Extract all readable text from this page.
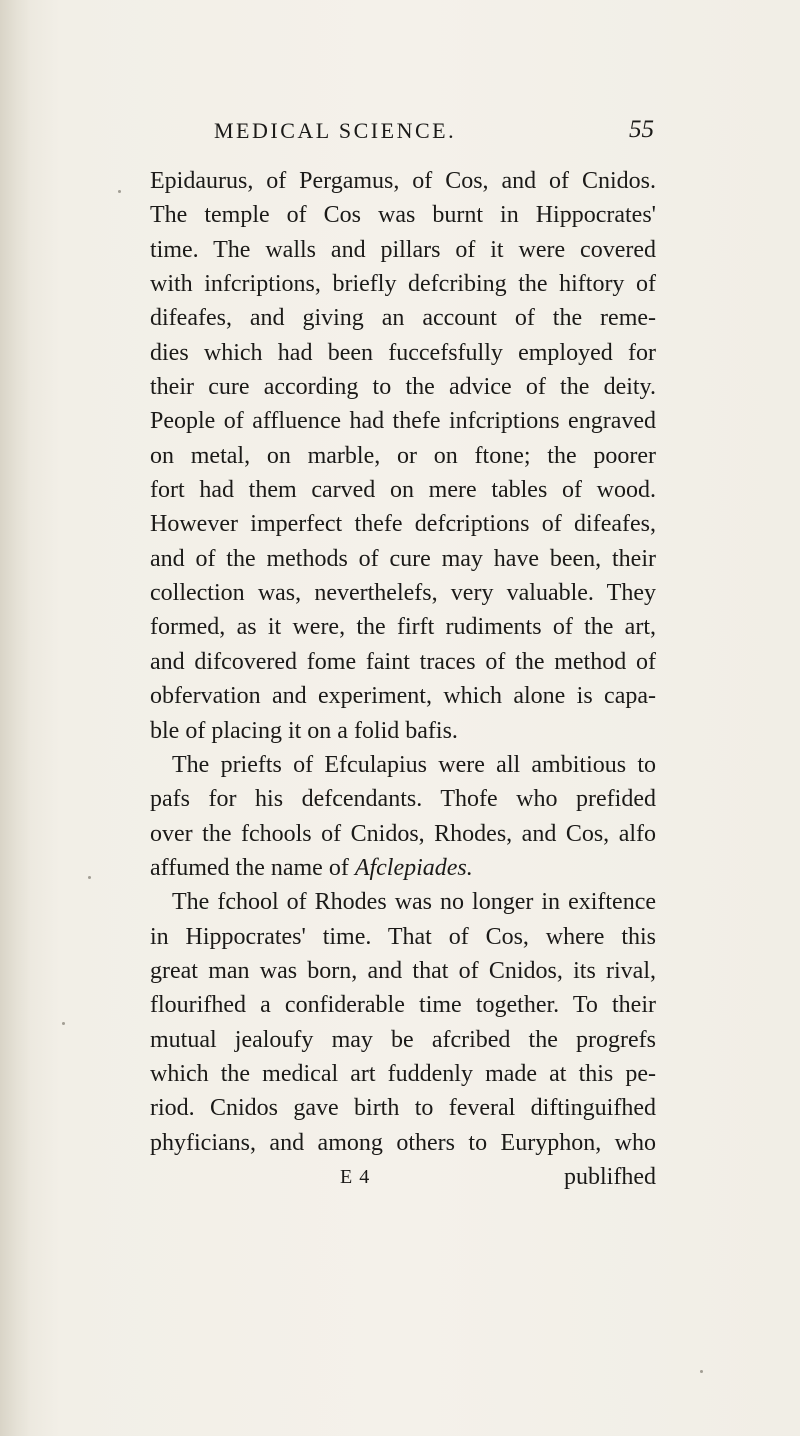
MEDICAL SCIENCE.	55
Epidaurus, of Pergamus, of Cos, and of Cnidos.
The temple of Cos was burnt in Hippocrates'
time. The walls and pillars of it were covered
with infcriptions, briefly defcribing the hiftory of
difeafes, and giving an account of the reme-
dies which had been fuccefsfully employed for
their cure according to the advice of the deity.
People of affluence had thefe infcriptions engraved
on metal, on marble, or on ftone; the poorer
fort had them carved on mere tables of wood.
However imperfect thefe defcriptions of difeafes,
and of the methods of cure may have been, their
collection was, neverthelefs, very valuable. They
formed, as it were, the firft rudiments of the art,
and difcovered fome faint traces of the method of
obfervation and experiment, which alone is capa-
ble of placing it on a folid bafis.
The priefts of Efculapius were all ambitious to
pafs for his defcendants. Thofe who prefided
over the fchools of Cnidos, Rhodes, and Cos, alfo
affumed the name of Afclepiades.
The fchool of Rhodes was no longer in exiftence
in Hippocrates' time. That of Cos, where this
great man was born, and that of Cnidos, its rival,
flourifhed a confiderable time together. To their
mutual jealoufy may be afcribed the progrefs
which the medical art fuddenly made at this pe-
riod. Cnidos gave birth to feveral diftinguifhed
phyficians, and among others to Euryphon, who
E 4	publifhed
